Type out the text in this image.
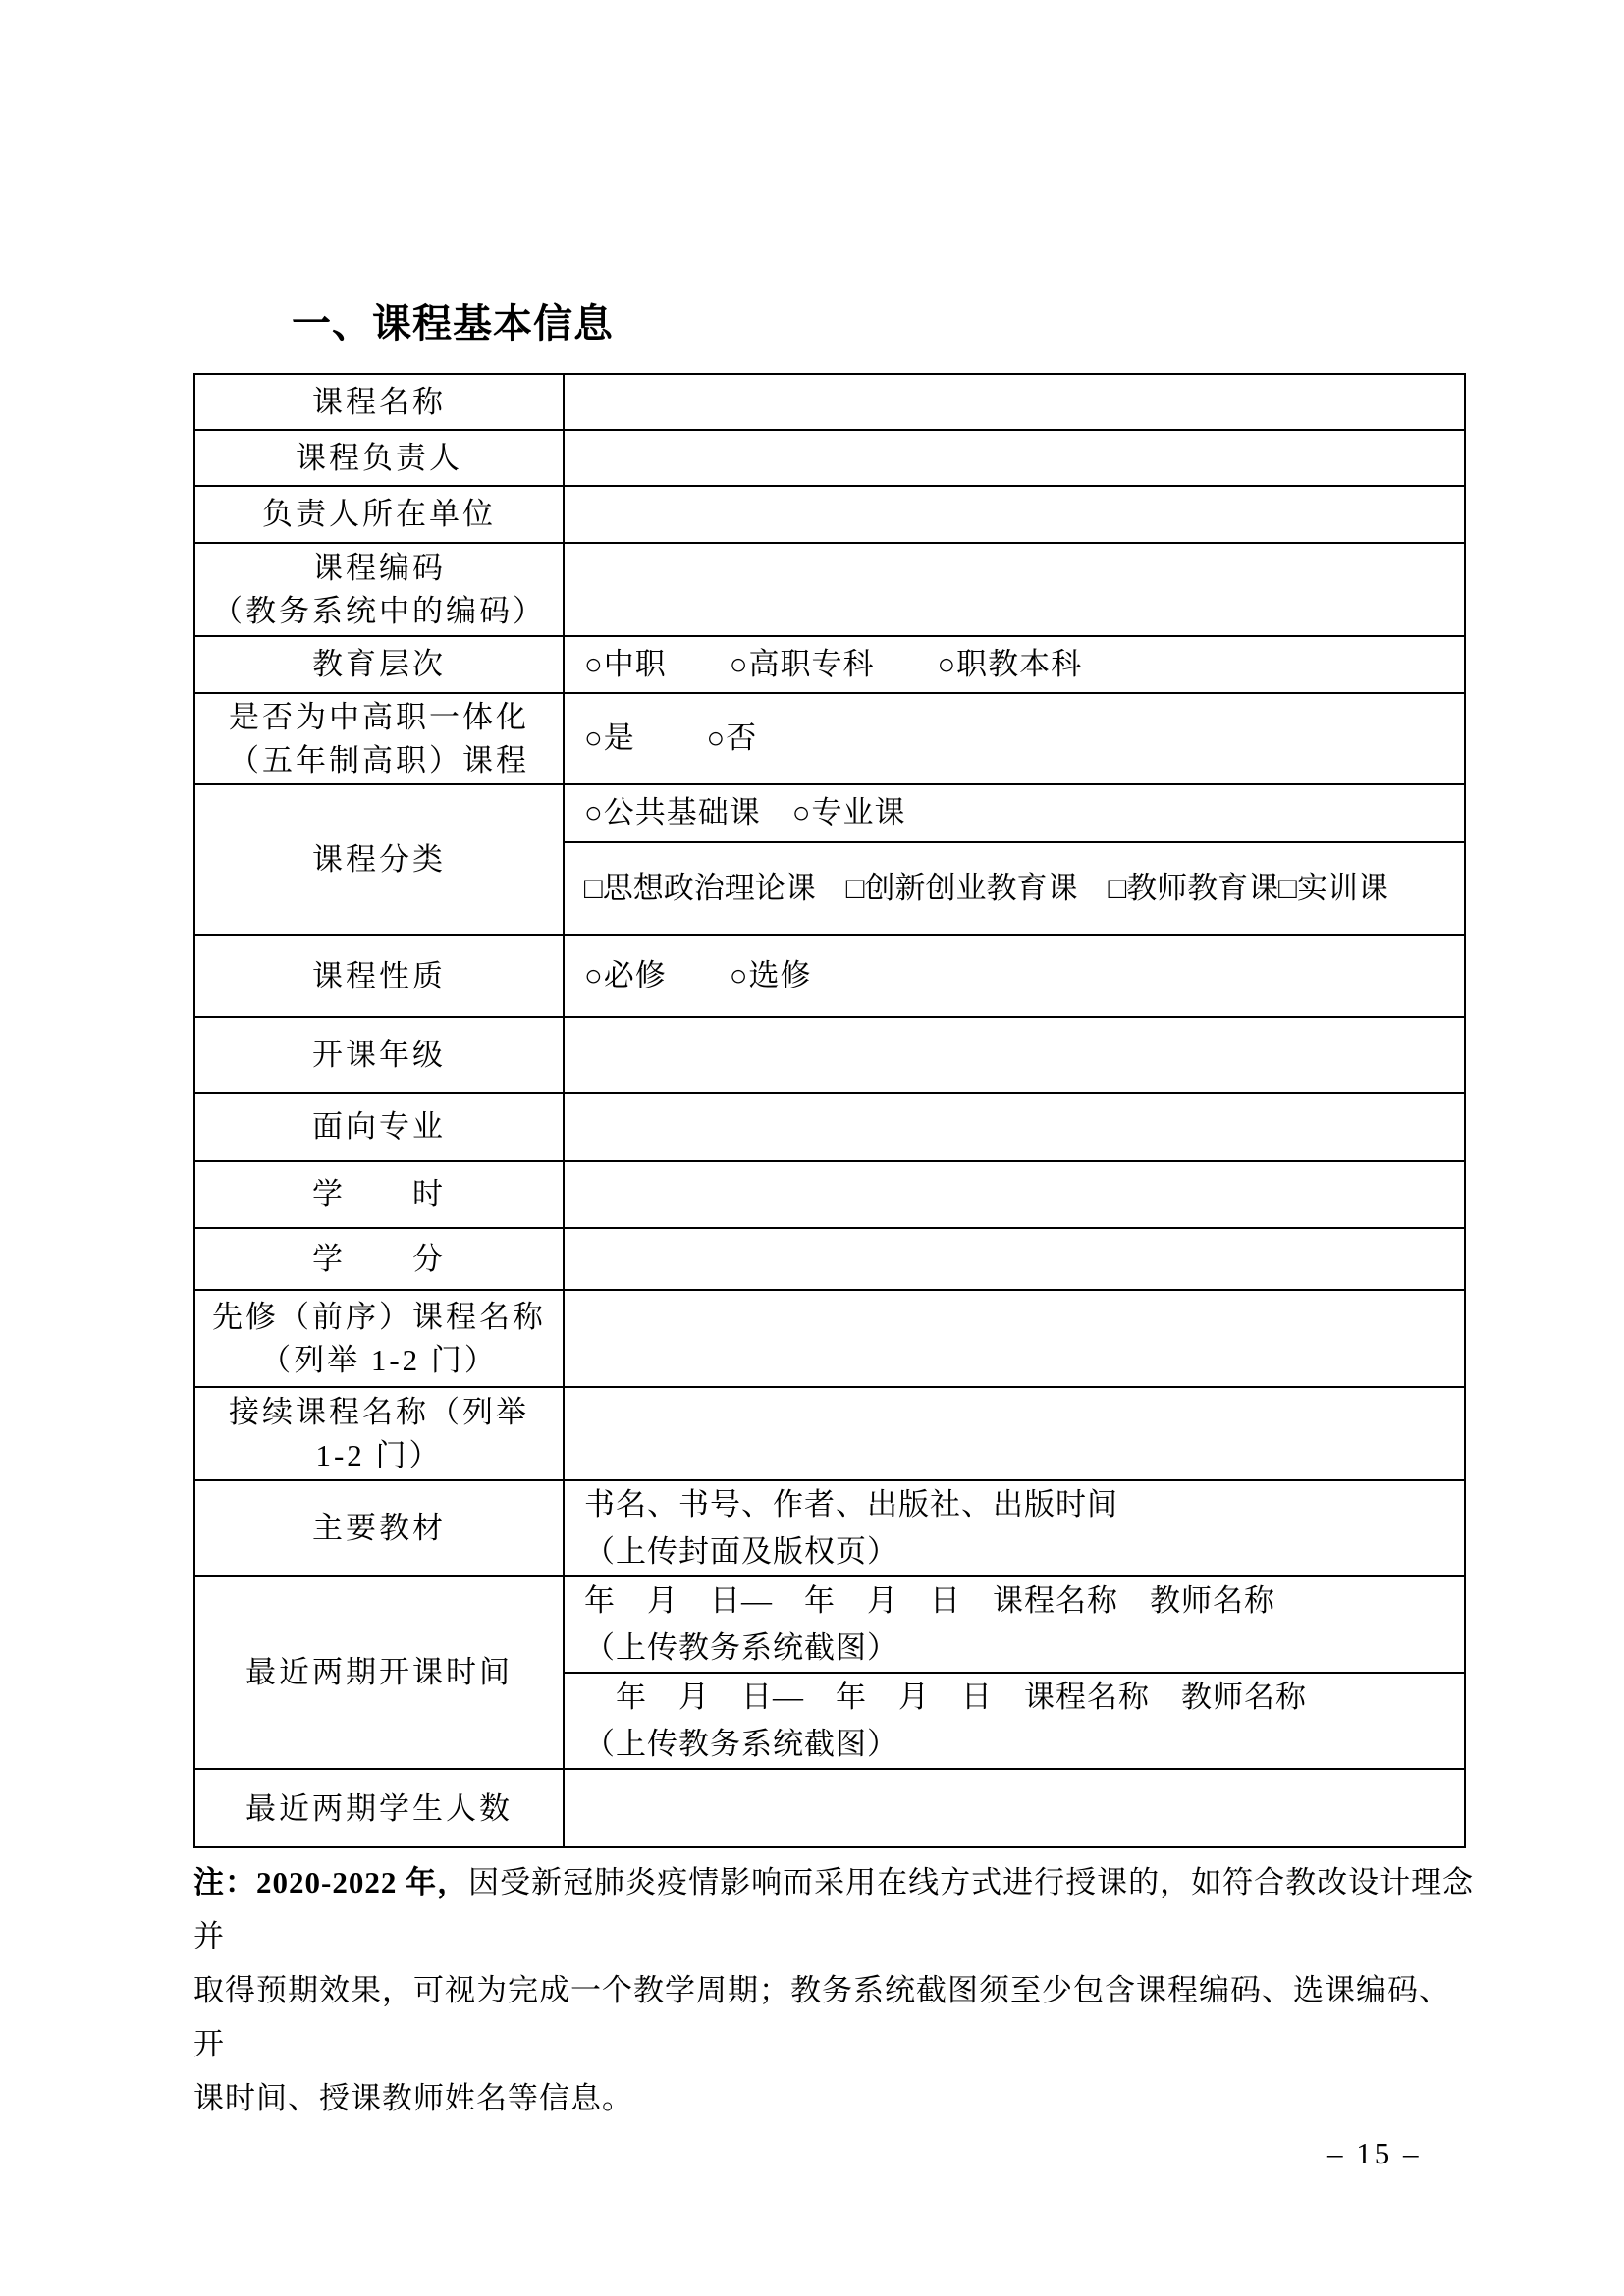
一、课程基本信息
课程名称	
课程负责人	
负责人所在单位	

课程编码
（教务系统中的编码）	

教育层次	○中职　　○高职专科　　○职教本科

是否为中高职一体化
（五年制高职）课程	○是　　 ○否
课程分类	○公共基础课　○专业课
	□思想政治理论课　□创新创业教育课　□教师教育课□实训课
课程性质	○必修　　○选修
开课年级	
面向专业	
学　　时	
学　　分	

先修（前序）课程名称
（列举 1-2 门）	

接续课程名称（列举
1-2 门）	

主要教材	书名、书号、作者、出版社、出版时间
（上传封面及版权页）

最近两期开课时间	年　月　日—　年　月　日　课程名称　教师名称
（上传教务系统截图）

	　年　月　日—　年　月　日　课程名称　教师名称
（上传教务系统截图）

最近两期学生人数	
注：2020-2022 年，因受新冠肺炎疫情影响而采用在线方式进行授课的，如符合教改设计理念并
取得预期效果，可视为完成一个教学周期；教务系统截图须至少包含课程编码、选课编码、开
课时间、授课教师姓名等信息。
– 15 –
